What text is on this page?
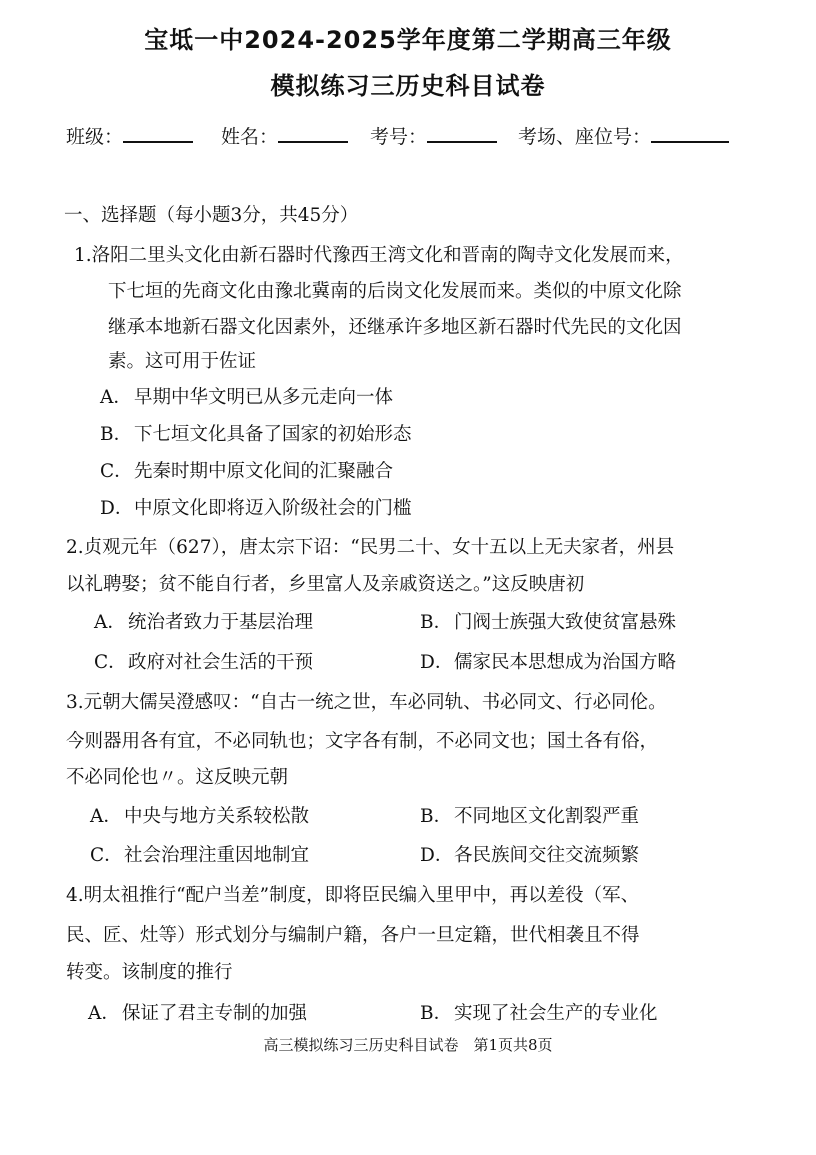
宝坻一中2024-2025学年度第二学期高三年级
模拟练习三历史科目试卷
班级：	姓名：	考号：	考场、座位号：
一、选择题（每小题3分，共45分）
1.洛阳二里头文化由新石器时代豫西王湾文化和晋南的陶寺文化发展而来，
下七垣的先商文化由豫北冀南的后岗文化发展而来。类似的中原文化除
继承本地新石器文化因素外，还继承许多地区新石器时代先民的文化因
素。这可用于佐证
A． 早期中华文明已从多元走向一体
B． 下七垣文化具备了国家的初始形态
C．先秦时期中原文化间的汇聚融合
D．中原文化即将迈入阶级社会的门槛
2.贞观元年（627），唐太宗下诏：“民男二十、女十五以上无夫家者，州县
以礼聘娶；贫不能自行者，乡里富人及亲戚资送之。”这反映唐初
A． 统治者致力于基层治理	B． 门阀士族强大致使贫富悬殊
C．政府对社会生活的干预	D．儒家民本思想成为治国方略
3.元朝大儒吴澄感叹：“自古一统之世，车必同轨、书必同文、行必同伦。
今则器用各有宜，不必同轨也；文字各有制，不必同文也；国土各有俗，
不必同伦也〃。这反映元朝
A． 中央与地方关系较松散	B． 不同地区文化割裂严重
C．社会治理注重因地制宜	D．各民族间交往交流频繁
4.明太祖推行“配户当差”制度，即将臣民编入里甲中，再以差役（军、
民、匠、灶等）形式划分与编制户籍，各户一旦定籍，世代相袭且不得
转变。该制度的推行
A． 保证了君主专制的加强	B． 实现了社会生产的专业化
高三模拟练习三历史科目试卷　第1页共8页
